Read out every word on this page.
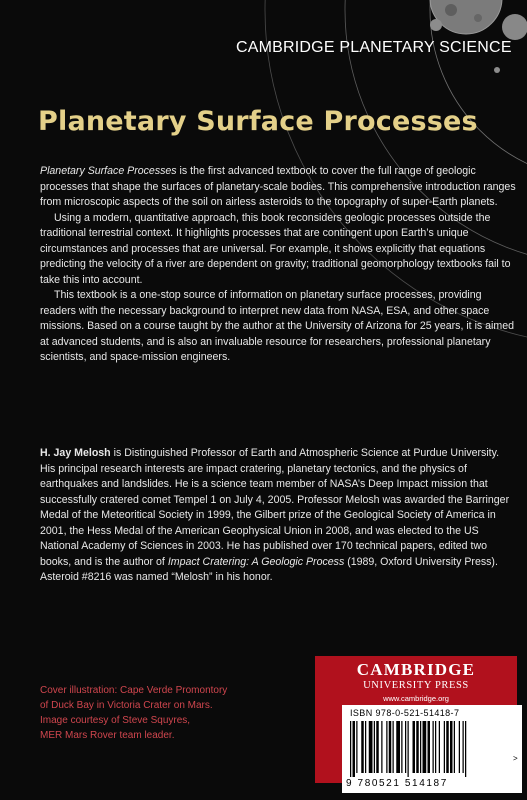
CAMBRIDGE PLANETARY SCIENCE
Planetary Surface Processes

Planetary Surface Processes is the first advanced textbook to cover the full range of geologic processes that shape the surfaces of planetary-scale bodies. This comprehensive introduction ranges from microscopic aspects of the soil on airless asteroids to the topography of super-Earth planets.

Using a modern, quantitative approach, this book reconsiders geologic processes outside the traditional terrestrial context. It highlights processes that are contingent upon Earth’s unique circumstances and processes that are universal. For example, it shows explicitly that equations predicting the velocity of a river are dependent on gravity; traditional geomorphology textbooks fail to take this into account.

This textbook is a one-stop source of information on planetary surface processes, providing readers with the necessary background to interpret new data from NASA, ESA, and other space missions. Based on a course taught by the author at the University of Arizona for 25 years, it is aimed at advanced students, and is also an invaluable resource for researchers, professional planetary scientists, and space-mission engineers.

H. Jay Melosh is Distinguished Professor of Earth and Atmospheric Science at Purdue University. His principal research interests are impact cratering, planetary tectonics, and the physics of earthquakes and landslides. He is a science team member of NASA’s Deep Impact mission that successfully cratered comet Tempel 1 on July 4, 2005. Professor Melosh was awarded the Barringer Medal of the Meteoritical Society in 1999, the Gilbert prize of the Geological Society of America in 2001, the Hess Medal of the American Geophysical Union in 2008, and was elected to the US National Academy of Sciences in 2003. He has published over 170 technical papers, edited two books, and is the author of Impact Cratering: A Geologic Process (1989, Oxford University Press). Asteroid #8216 was named “Melosh” in his honor.

Cover illustration: Cape Verde Promontory
of Duck Bay in Victoria Crater on Mars.
Image courtesy of Steve Squyres,
MER Mars Rover team leader.
CAMBRIDGE
UNIVERSITY PRESS
www.cambridge.org
ISBN 978-0-521-51418-7
9 780521 514187
>
